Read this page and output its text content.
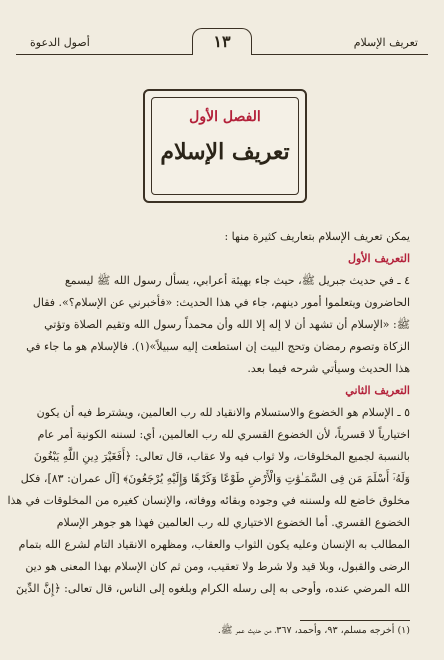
أصول الدعوة	١٣	تعريف الإسلام
الفصل الأول
تعريف الإسلام
يمكن تعريف الإسلام بتعاريف كثيرة منها :
التعريف الأول
٤ ـ في حديث جبريل ﷺ، حيث جاء بهيئة أعرابي، يسأل رسول الله ﷺ ليسمع
الحاضرون ويتعلموا أمور دينهم، جاء في هذا الحديث: «فأخبرني عن الإسلام؟». فقال
ﷺ: «الإسلام أن تشهد أن لا إله إلا الله وأن محمداً رسول الله وتقيم الصلاة وتؤتي
الزكاة وتصوم رمضان وتحج البيت إن استطعت إليه سبيلاً»(١). فالإسلام هو ما جاء في
هذا الحديث وسيأتي شرحه فيما بعد.
التعريف الثاني
٥ ـ الإسلام هو الخضوع والاستسلام والانقياد لله رب العالمين، ويشترط فيه أن يكون
اختيارياً لا قسرياً، لأن الخضوع القسري لله رب العالمين، أي: لسننه الكونية أمر عام
بالنسبة لجميع المخلوقات، ولا ثواب فيه ولا عقاب، قال تعالى: ﴿أَفَغَيْرَ دِينِ اللَّهِ يَبْغُونَ
وَلَهُۥٓ أَسْلَمَ مَن فِى السَّمَـٰوَٰتِ وَالْأَرْضِ طَوْعًا وَكَرْهًا وَإِلَيْهِ يُرْجَعُونَ﴾ [آل عمران: ٨٣]، فكل
مخلوق خاضع لله ولسننه في وجوده وبقائه ووفاته، والإنسان كغيره من المخلوقات في هذا
الخضوع القسري. أما الخضوع الاختياري لله رب العالمين فهذا هو جوهر الإسلام
المطالب به الإنسان وعليه يكون الثواب والعقاب، ومظهره الانقياد التام لشرع الله بتمام
الرضى والقبول، وبلا قيد ولا شرط ولا تعقيب، ومن ثم كان الإسلام بهذا المعنى هو دين
الله المرضي عنده، وأوحى به إلى رسله الكرام وبلغوه إلى الناس، قال تعالى: ﴿إِنَّ الدِّينَ
(١) أخرجه مسلم، ٩٣، وأحمد، ٣٦٧، من حديث عمر ﷺ.
